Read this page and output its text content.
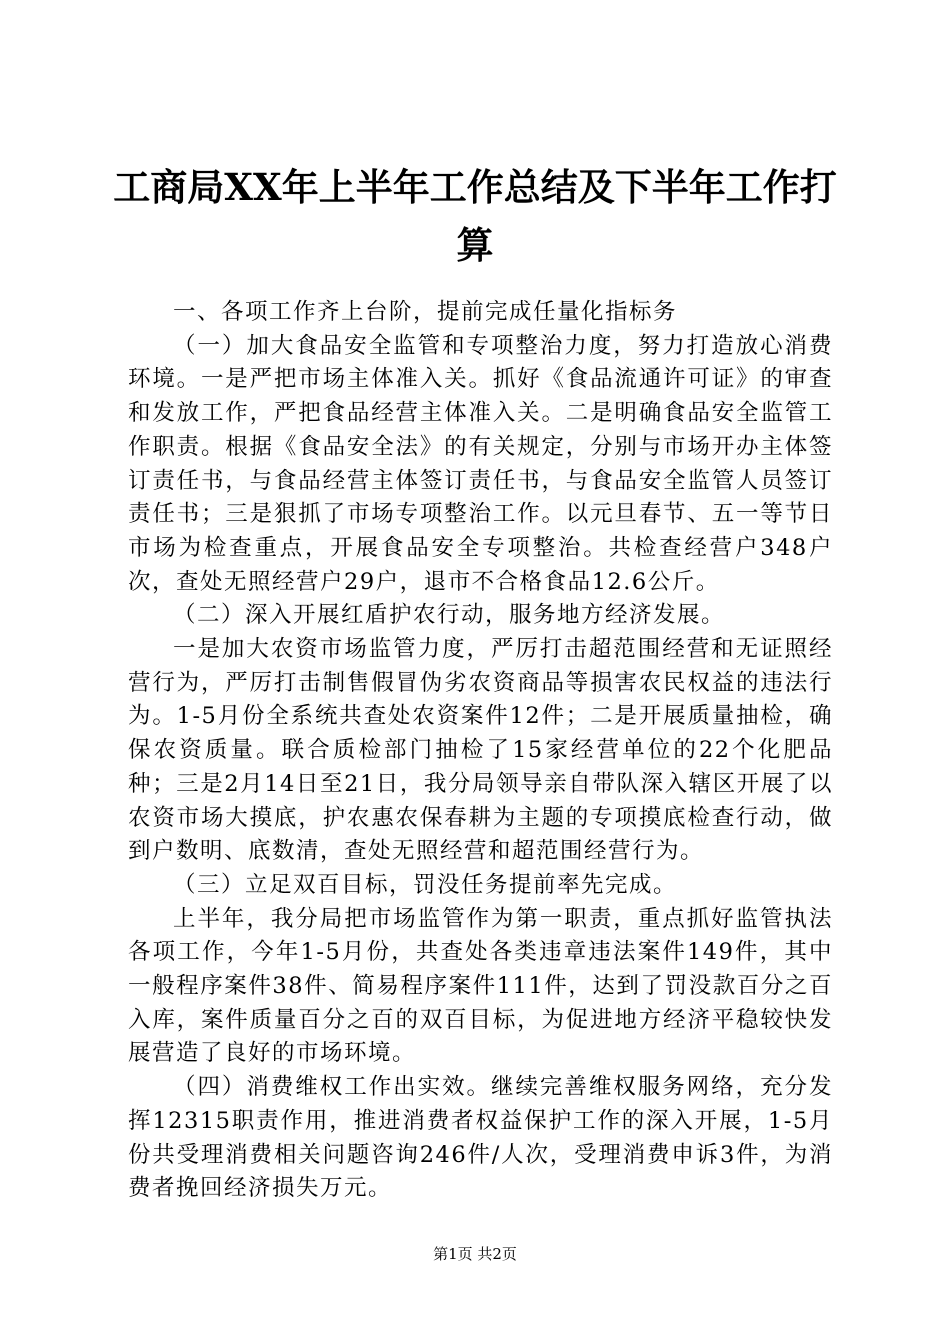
工商局XX年上半年工作总结及下半年工作打算

一、各项工作齐上台阶，提前完成任量化指标务

（一）加大食品安全监管和专项整治力度，努力打造放心消费环境。一是严把市场主体准入关。抓好《食品流通许可证》的审查和发放工作，严把食品经营主体准入关。二是明确食品安全监管工作职责。根据《食品安全法》的有关规定，分别与市场开办主体签订责任书，与食品经营主体签订责任书，与食品安全监管人员签订责任书；三是狠抓了市场专项整治工作。以元旦春节、五一等节日市场为检查重点，开展食品安全专项整治。共检查经营户348户次，查处无照经营户29户，退市不合格食品12.6公斤。

（二）深入开展红盾护农行动，服务地方经济发展。

一是加大农资市场监管力度，严厉打击超范围经营和无证照经营行为，严厉打击制售假冒伪劣农资商品等损害农民权益的违法行为。1-5月份全系统共查处农资案件12件；二是开展质量抽检，确保农资质量。联合质检部门抽检了15家经营单位的22个化肥品种；三是2月14日至21日，我分局领导亲自带队深入辖区开展了以农资市场大摸底，护农惠农保春耕为主题的专项摸底检查行动，做到户数明、底数清，查处无照经营和超范围经营行为。

（三）立足双百目标，罚没任务提前率先完成。

上半年，我分局把市场监管作为第一职责，重点抓好监管执法各项工作，今年1-5月份，共查处各类违章违法案件149件，其中一般程序案件38件、简易程序案件111件，达到了罚没款百分之百入库，案件质量百分之百的双百目标，为促进地方经济平稳较快发展营造了良好的市场环境。

（四）消费维权工作出实效。继续完善维权服务网络，充分发挥12315职责作用，推进消费者权益保护工作的深入开展，1-5月份共受理消费相关问题咨询246件/人次，受理消费申诉3件，为消费者挽回经济损失万元。

第1页 共2页
